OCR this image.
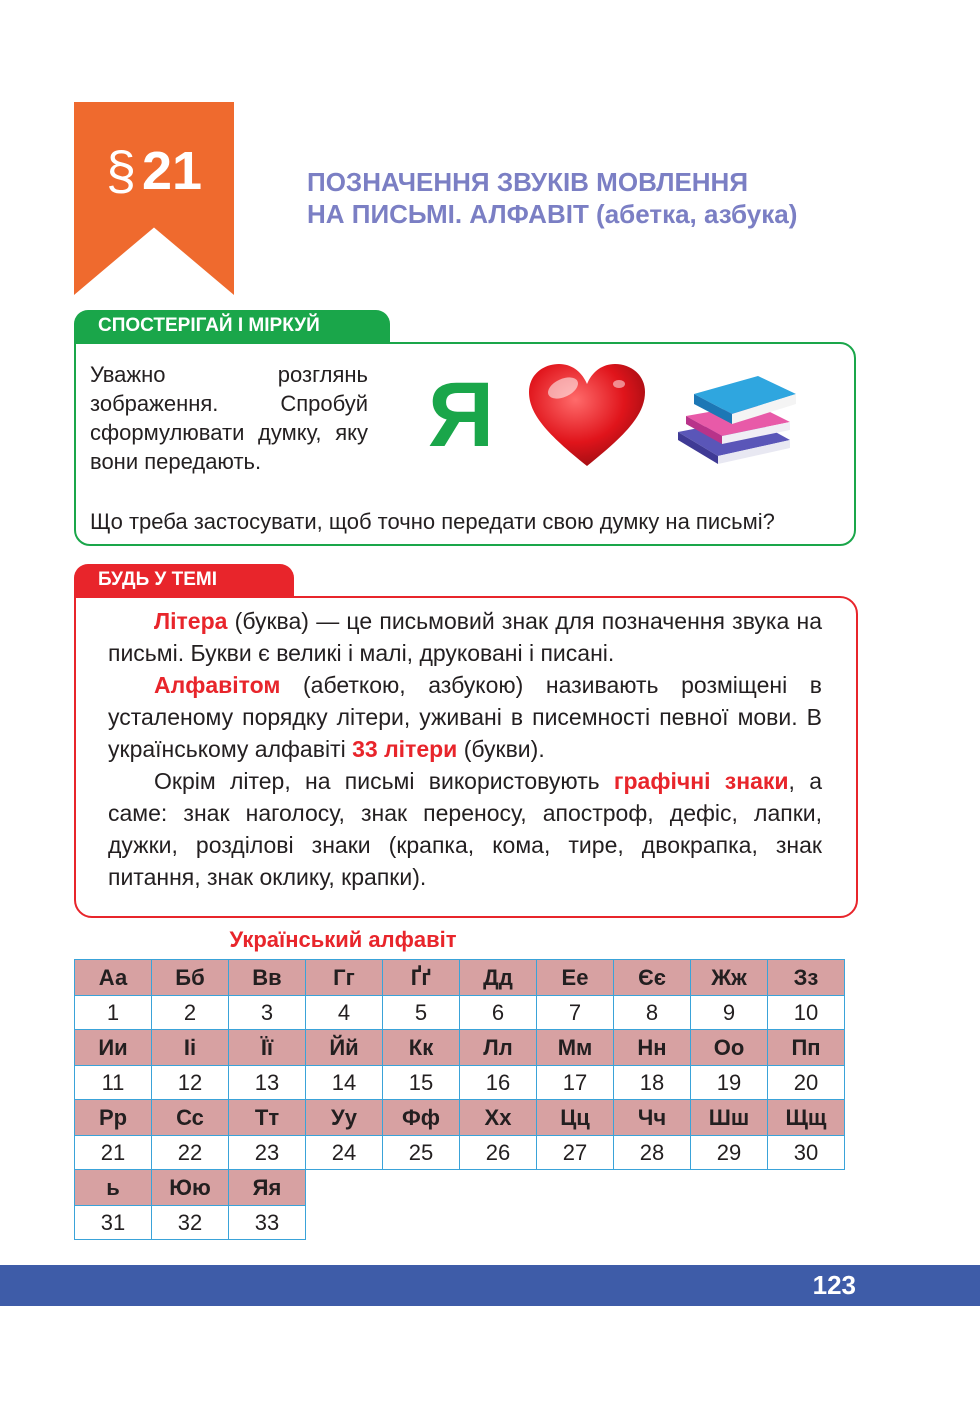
§ 21	ПОЗНАЧЕННЯ ЗВУКІВ МОВЛЕННЯ
НА ПИСЬМІ. АЛФАВІТ (абетка, азбука)
СПОСТЕРІГАЙ І МІРКУЙ
Уважно розглянь зображення. Спробуй сформулювати думку, яку вони передають.	Я
Що треба застосувати, щоб точно передати свою думку на письмі?
БУДЬ У ТЕМІ

Літера (буква) — це письмовий знак для позначення звука на письмі. Букви є великі і малі, друковані і писані.

Алфавітом (абеткою, азбукою) називають розміщені в усталеному порядку літери, уживані в писемності певної мови. В українському алфавіті 33 літери (букви).

Окрім літер, на письмі використовують графічні знаки, а саме: знак наголосу, знак переносу, апостроф, дефіс, лапки, дужки, розділові знаки (крапка, кома, тире, двокрапка, знак питання, знак оклику, крапки).

Український алфавіт
Аа	Бб	Вв	Гг	Ґґ	Дд	Ее	Єє	Жж	Зз
1	2	3	4	5	6	7	8	9	10
Ии	Іі	Її	Йй	Кк	Лл	Мм	Нн	Оо	Пп
11	12	13	14	15	16	17	18	19	20
Рр	Сс	Тт	Уу	Фф	Хх	Цц	Чч	Шш	Щщ
21	22	23	24	25	26	27	28	29	30
ь	Юю	Яя							
31	32	33							
123
